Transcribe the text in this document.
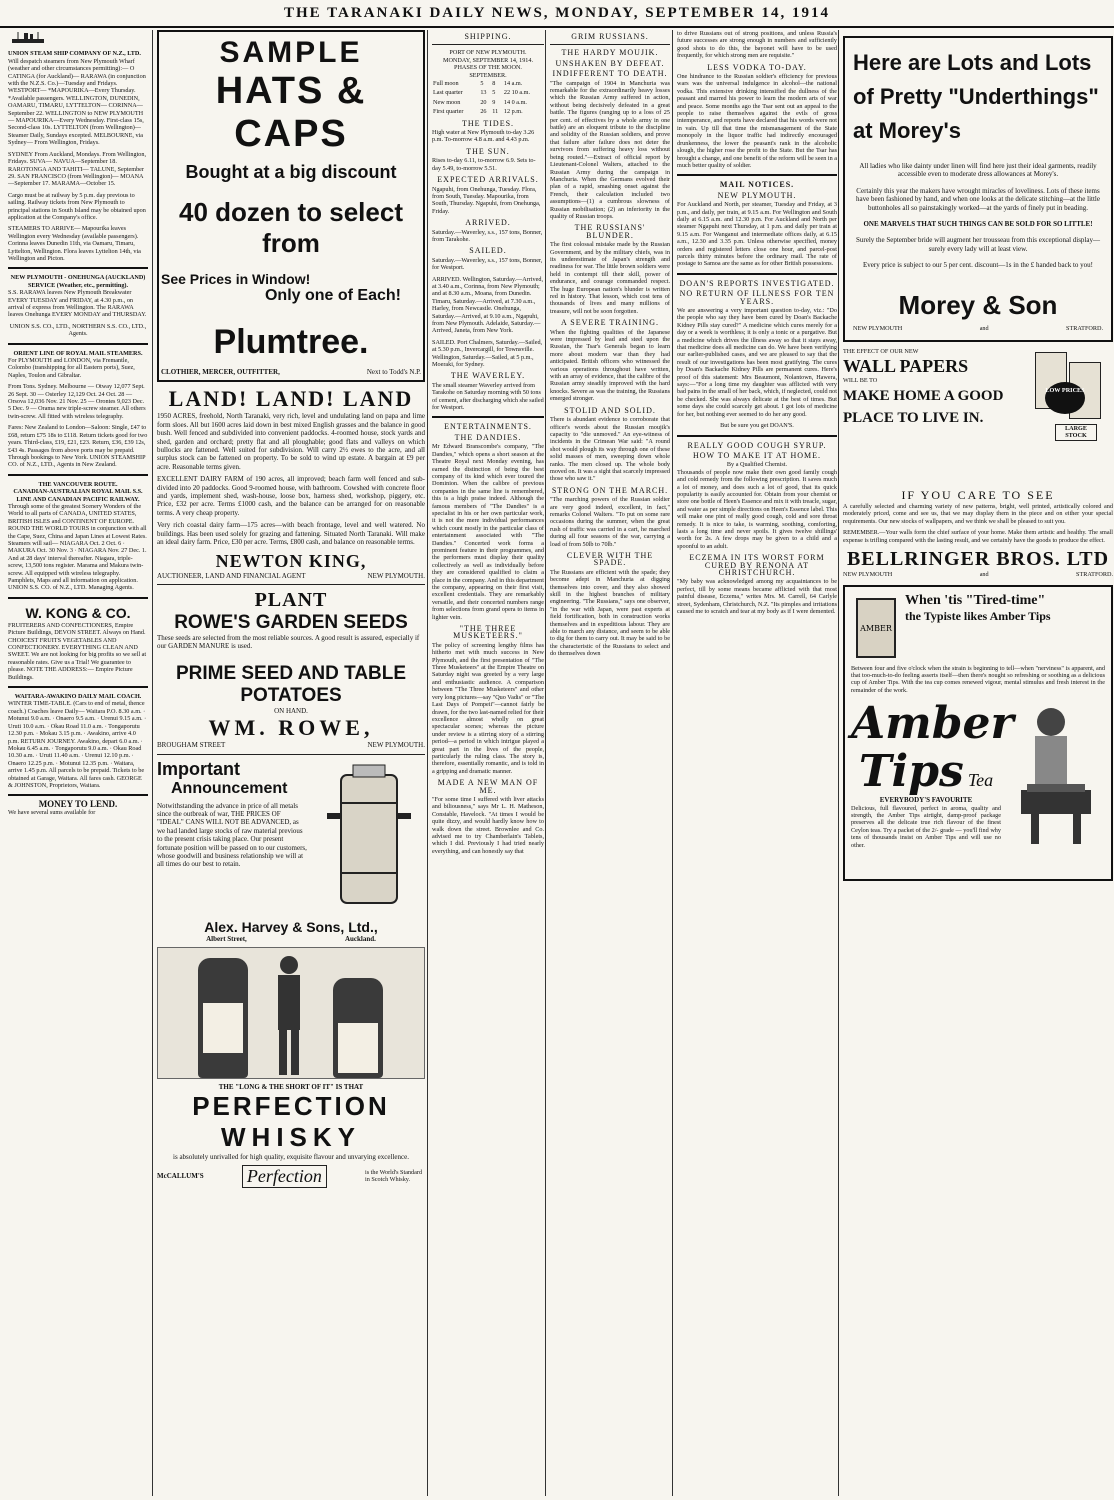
THE TARANAKI DAILY NEWS, MONDAY, SEPTEMBER 14, 1914
UNION STEAM SHIP COMPANY OF N.Z., LTD.
Will despatch steamers from New Plymouth Wharf (weather and other circumstances permitting):— O CATINGA (for Auckland)— RARAWA (in conjunction with the N.Z.S. Co.)—Tuesday and Fridays. WESTPORT— *MAPOURIKA—Every Thursday. *Available passengers. WELLINGTON, DUNEDIN, OAMARU, TIMARU, LYTTELTON— CORINNA—September 22. WELLINGTON to NEW PLYMOUTH— MAPOURIKA—Every Wednesday. First-class 15s, Second-class 10s. LYTTELTON (from Wellington)— Steamer Daily, Sundays excepted. MELBOURNE, via Sydney— From Wellington, Fridays.
SYDNEY From Auckland, Mondays. From Wellington, Fridays. SUVA— NAVUA—September 18. RAROTONGA AND TAHITI— TALUNE, September 29. SAN FRANCISCO (from Wellington)— MOANA—September 17. MARAMA—October 15.
Cargo must be at railway by 5 p.m. day previous to sailing. Railway tickets from New Plymouth to principal stations in South Island may be obtained upon application at the Company's office.
STEAMERS TO ARRIVE— Mapourika leaves Wellington every Wednesday (available passengers). Corinna leaves Dunedin 11th, via Oamaru, Timaru, Lyttelton, Wellington. Flora leaves Lyttelton 14th, via Wellington and Picton.
NEW PLYMOUTH - ONEHUNGA (AUCKLAND) SERVICE (Weather, etc., permitting).
S.S. RARAWA leaves New Plymouth Breakwater EVERY TUESDAY and FRIDAY, at 4.30 p.m., on arrival of express from Wellington. The RARAWA leaves Onehunga EVERY MONDAY and THURSDAY.
UNION S.S. CO., LTD., NORTHERN S.S. CO., LTD., Agents.
ORIENT LINE OF ROYAL MAIL STEAMERS.
For PLYMOUTH and LONDON, via Fremantle, Colombo (transhipping for all Eastern ports), Suez, Naples, Toulon and Gibraltar.
From Tons. Sydney. Melbourne — Otway 12,077 Sept. 26 Sept. 30 — Osterley 12,129 Oct. 24 Oct. 28 — Orsova 12,036 Nov. 21 Nov. 25 — Orontes 9,023 Dec. 5 Dec. 9 — Orama new triple-screw steamer. All others twin-screw. All fitted with wireless telegraphy.
Fares: New Zealand to London—Saloon: Single, £47 to £68, return £75 18s to £118. Return tickets good for two years. Third-class, £19, £21, £23. Return, £36, £39 12s, £43 4s. Passages from above ports may be prepaid. Through bookings to New York. UNION STEAMSHIP CO. of N.Z., LTD., Agents in New Zealand.
THE VANCOUVER ROUTE.
CANADIAN-AUSTRALIAN ROYAL MAIL S.S. LINE AND CANADIAN PACIFIC RAILWAY.
Through some of the greatest Scenery Wonders of the World to all parts of CANADA, UNITED STATES, BRITISH ISLES and CONTINENT OF EUROPE. ROUND THE WORLD TOURS in conjunction with all the Cape, Suez, China and Japan Lines at Lowest Rates. Steamers will sail— NIAGARA Oct. 2 Oct. 6 · MAKURA Oct. 30 Nov. 3 · NIAGARA Nov. 27 Dec. 1. And at 28 days' interval thereafter. Niagara, triple-screw, 13,500 tons register. Marama and Makura twin-screw. All equipped with wireless telegraphy. Pamphlets, Maps and all information on application. UNION S.S. CO. of N.Z., LTD. Managing Agents.
W. KONG & CO.
FRUITERERS AND CONFECTIONERS, Empire Picture Buildings, DEVON STREET. Always on Hand. CHOICEST FRUITS VEGETABLES AND CONFECTIONERY. EVERYTHING CLEAN AND SWEET. We are not looking for big profits so we sell at reasonable rates. Give us a Trial! We guarantee to please. NOTE THE ADDRESS:— Empire Picture Buildings.
WAITARA-AWAKINO DAILY MAIL COACH.
WINTER TIME-TABLE. (Cars to end of metal, thence coach.) Coaches leave Daily— Waitara P.O. 8.30 a.m. · Motunui 9.0 a.m. · Onaero 9.5 a.m. · Urenui 9.15 a.m. · Uruti 10.0 a.m. · Okau Road 11.0 a.m. · Tongaporutu 12.30 p.m. · Mokau 3.15 p.m. · Awakino, arrive 4.0 p.m. RETURN JOURNEY. Awakino, depart 6.0 a.m. · Mokau 6.45 a.m. · Tongaporutu 9.0 a.m. · Okau Road 10.30 a.m. · Uruti 11.40 a.m. · Urenui 12.10 p.m. · Onaero 12.25 p.m. · Motunui 12.35 p.m. · Waitara, arrive 1.45 p.m. All parcels to be prepaid. Tickets to be obtained at Garage, Waitara. All fares cash. GEORGE & JOHNSTON, Proprietors, Waitara.
MONEY TO LEND.
We have several sums available for
SAMPLE
HATS & CAPS
Bought at a big discount
40 dozen to select from
See Prices in Window!
Only one of Each!
Plumtree.
CLOTHIER, MERCER, OUTFITTER,	Next to Todd's N.P.
LAND! LAND! LAND
1950 ACRES, freehold, North Taranaki, very rich, level and undulating land on papa and lime form sloes. All but 1600 acres laid down in best mixed English grasses and the balance in good bush. Well fenced and subdivided into convenient paddocks. 4-roomed house, stock yards and shed, garden and orchard; pretty flat and all ploughable; good flats and valleys on which bullocks are fattened. Well suited for subdivision. Will carry 2½ ewes to the acre, and all surplus stock can be fattened on property. To be sold to wind up estate. A bargain at £9 per acre. Reasonable terms given.
EXCELLENT DAIRY FARM of 190 acres, all improved; beach farm well fenced and sub-divided into 20 paddocks. Good 9-roomed house, with bathroom. Cowshed with concrete floor and yards, implement shed, wash-house, loose box, harness shed, workshop, piggery, etc. Price, £32 per acre. Terms £1000 cash, and the balance can be arranged for on reasonable terms. A very cheap property.
Very rich coastal dairy farm—175 acres—with beach frontage, level and well watered. No buildings. Has been used solely for grazing and fattening. Situated North Taranaki. Will make an ideal dairy farm. Price, £30 per acre. Terms, £800 cash, and balance on reasonable terms.
NEWTON KING,
AUCTIONEER, LAND AND FINANCIAL AGENT	NEW PLYMOUTH.
PLANT
ROWE'S GARDEN SEEDS
These seeds are selected from the most reliable sources. A good result is assured, especially if our GARDEN MANURE is used.
PRIME SEED AND TABLE
POTATOES
ON HAND.
WM. ROWE,
BROUGHAM STREET	NEW PLYMOUTH.
Important
Announcement
Notwithstanding the advance in price of all metals since the outbreak of war, THE PRICES OF "IDEAL" CANS WILL NOT BE ADVANCED, as we had landed large stocks of raw material previous to the present crisis taking place. Our present fortunate position will be passed on to our customers, whose goodwill and business relationship we will at all times do our best to retain.
Alex. Harvey & Sons, Ltd.,
Albert Street,	Auckland.
THE "LONG & THE SHORT OF IT" IS THAT
PERFECTION
WHISKY
is absolutely unrivalled for high quality, exquisite flavour and unvarying excellence.
McCALLUM'S Perfection	is the World's Standard in Scotch Whisky.
SHIPPING.
PORT OF NEW PLYMOUTH.
MONDAY, SEPTEMBER 14, 1914.
PHASES OF THE MOON.
SEPTEMBER.
Full moon	5	8	14 a.m.
Last quarter	13	5	22 10 a.m.
New moon	20	9	14 0 a.m.
First quarter	26	11	12 p.m.
THE TIDES.
High water at New Plymouth to-day 3.26 p.m. To-morrow 4.8 a.m. and 4.43 p.m.
THE SUN.
Rises to-day 6.11, to-morrow 6.9. Sets to-day 5.49, to-morrow 5.51.
EXPECTED ARRIVALS.
Ngapuhi, from Onehunga, Tuesday. Flora, from South, Tuesday. Mapourika, from South, Thursday. Ngapuhi, from Onehunga, Friday.
ARRIVED.
Saturday.—Waverley, s.s., 157 tons, Bonner, from Tarakohe.
SAILED.
Saturday.—Waverley, s.s., 157 tons, Bonner, for Westport.
ARRIVED. Wellington, Saturday.—Arrived, at 3.40 a.m., Corinna, from New Plymouth; and at 8.30 a.m., Moana, from Dunedin. Timaru, Saturday.—Arrived, at 7.30 a.m., Harley, from Newcastle. Onehunga, Saturday.—Arrived, at 9.10 a.m., Ngapuhi, from New Plymouth. Adelaide, Saturday.—Arrived, Janeta, from New York.
SAILED. Port Chalmers, Saturday.—Sailed, at 5.30 p.m., Invercargill, for Townsville. Wellington, Saturday.—Sailed, at 5 p.m., Moeraki, for Sydney.
THE WAVERLEY.
The small steamer Waverley arrived from Tarakohe on Saturday morning with 50 tons of cement, after discharging which she sailed for Westport.
ENTERTAINMENTS.
THE DANDIES.
Mr Edward Branscombe's company, "The Dandies," which opens a short season at the Theatre Royal next Monday evening, has earned the distinction of being the best company of its kind which ever toured the Dominion. When the calibre of previous companies in the same line is remembered, this is a high praise indeed. Although the famous members of "The Dandies" is a specialist in his or her own particular work, it is not the mere individual performances which count mostly in the particular class of entertainment associated with "The Dandies." Concerted work forms a prominent feature in their programmes, and the performers must display their quality collectively as well as individually before they are considered qualified to claim a place in the company. And in this department the company, appearing on their first visit, excellent credentials. They are remarkably versatile, and their concerted numbers range from selections from grand opera to items in lighter vein.
"THE THREE MUSKETEERS."
The policy of screening lengthy films has hitherto met with much success in New Plymouth, and the first presentation of "The Three Musketeers" at the Empire Theatre on Saturday night was greeted by a very large and enthusiastic audience. A comparison between "The Three Musketeers" and other very long pictures—say "Quo Vadis" or "The Last Days of Pompeii"—cannot fairly be drawn, for the two last-named relied for their excellence almost wholly on great spectacular scenes; whereas the picture under review is a stirring story of a stirring period—a period in which intrigue played a great part in the lives of the people, particularly the ruling class. The story is, therefore, essentially romantic, and is told in a gripping and dramatic manner.
MADE A NEW MAN OF ME.
"For some time I suffered with liver attacks and biliousness," says Mr L. H. Matheson, Constable, Havelock. "At times I would be quite dizzy, and would hardly know how to walk down the street. Brownlee and Co. advised me to try Chamberlain's Tablets, which I did. Previously I had tried nearly everything, and can honestly say that
GRIM RUSSIANS.
THE HARDY MOUJIK.
UNSHAKEN BY DEFEAT.
INDIFFERENT TO DEATH.
"The campaign of 1904 in Manchuria was remarkable for the extraordinarily heavy losses which the Russian Army suffered in action, without being decisively defeated in a great battle. The figures (ranging up to a loss of 25 per cent. of effectives by a whole army in one battle) are an eloquent tribute to the discipline and solidity of the Russian soldiers, and prove that failure after failure does not deter the survivors from suffering heavy loss without being routed."—Extract of official report by Lieutenant-Colonel Walters, attached to the Russian Army during the campaign in Manchuria. When the Germans evolved their plan of a rapid, smashing onset against the French, their calculation included two assumptions—(1) a cumbrous slowness of Russian mobilisation; (2) an inferiority in the quality of Russian troops.
THE RUSSIANS' BLUNDER.
The first colossal mistake made by the Russian Government, and by the military chiefs, was in its underestimate of Japan's strength and readiness for war. The little brown soldiers were held in contempt till their skill, power of endurance, and courage commanded respect. The huge European nation's blunder is written red in history. That lesson, which cost tens of thousands of lives and many millions of treasure, will not be soon forgotten.
A SEVERE TRAINING.
When the fighting qualities of the Japanese were impressed by lead and steel upon the Russian, the Tsar's Generals began to learn more about modern war than they had anticipated. British officers who witnessed the various operations throughout have written, with an array of evidence, that the calibre of the Russian army steadily improved with the hard knocks. Severe as was the training, the Russians emerged stronger.
STOLID AND SOLID.
There is abundant evidence to corroborate that officer's words about the Russian moujik's capacity to "die unmoved." An eye-witness of incidents in the Crimean War said: "A round shot would plough its way through one of these solid masses of men, sweeping down whole ranks. The men closed up. The whole body moved on. It was a sight that scarcely impressed those who saw it."
STRONG ON THE MARCH.
"The marching powers of the Russian soldier are very good indeed, excellent, in fact," remarks Colonel Walters. "To put on some rare occasions during the summer, when the great rush of traffic was carried in a cart, he marched during all four seasons of the war, carrying a load of from 50lb to 70lb."
CLEVER WITH THE SPADE.
The Russians are efficient with the spade; they become adept in Manchuria at digging themselves into cover, and they also showed skill in the highest branches of military engineering. "The Russians," says one observer, "in the war with Japan, were past experts at field fortification, both in construction works themselves and in expeditious labour. They are able to march any distance, and seem to be able to dig for them to carry out. It may be said to be the characteristic of the Russians to select and do themselves down
to drive Russians out of strong positions, and unless Russia's future successes are strong enough in numbers and sufficiently good shots to do this, the bayonet will have to be used frequently, for which strong men are requisite."
LESS VODKA TO-DAY.
One hindrance to the Russian soldier's efficiency for previous wars was the universal indulgence in alcohol—the national vodka. This extensive drinking intensified the dullness of the peasant and marred his power to learn the modern arts of war and peace. Some months ago the Tsar sent out an appeal to the people to raise themselves against the evils of gross intemperance, and reports have declared that his words were not in vain. Up till that time the mismanagement of the State monopoly in the liquor traffic had indirectly encouraged drunkenness, the lower the peasant's rank in the alcoholic slough, the higher rose the profit to the State. But the Tsar has brought a change, and one benefit of the reform will be seen in a much better quality of soldier.
MAIL NOTICES.
NEW PLYMOUTH.
For Auckland and North, per steamer, Tuesday and Friday, at 3 p.m., and daily, per train, at 9.15 a.m. For Wellington and South daily at 6.15 a.m. and 12.30 p.m. For Auckland and North per steamer Ngapuhi next Thursday, at 1 p.m. and daily per train at 9.15 a.m. For Wanganui and intermediate offices daily, at 6.15 a.m., 12.30 and 3.35 p.m. Unless otherwise specified, money orders and registered letters close one hour, and parcel-post parcels thirty minutes before the ordinary mail. The rate of postage to Samoa are the same as for other British possessions.
DOAN'S REPORTS INVESTIGATED.
NO RETURN OF ILLNESS FOR TEN YEARS.
We are answering a very important question to-day, viz.: "Do the people who say they have been cured by Doan's Backache Kidney Pills stay cured?" A medicine which cures merely for a day or a week is worthless; it is only a tonic or a purgative. But a medicine which drives the illness away so that it stays away, that medicine does all medicine can do. We have been verifying our earlier-published cases, and we are pleased to say that the result of our investigations has been most gratifying. The cures by Doan's Backache Kidney Pills are permanent cures. Here's proof of this statement: Mrs Beaumont, Nolantown, Hawera, says:—"For a long time my daughter was afflicted with very bad pains in the small of her back, which, if neglected, could not be checked. She was always delicate at the best of times. But some days she could scarcely get about. I got lots of medicine for her, but nothing ever seemed to do her any good.
But be sure you get DOAN'S.
REALLY GOOD COUGH SYRUP.
HOW TO MAKE IT AT HOME.
By a Qualified Chemist.
Thousands of people now make their own good family cough and cold remedy from the following prescription. It saves much a lot of money, and does such a lot of good, that its quick popularity is easily accounted for. Obtain from your chemist or store one bottle of Heen's Essence and mix it with treacle, sugar, and water as per simple directions on Heen's Essence label. This will make one pint of really good cough, cold and sore throat remedy. It is nice to take, is warming, soothing, comforting, lasts a long time and never spoils. It gives twelve shillings' worth for 2s. A few drops may be given to a child and a spoonful to an adult.
ECZEMA IN ITS WORST FORM CURED BY RENONA AT CHRISTCHURCH.
"My baby was acknowledged among my acquaintances to be perfect, till by some means became afflicted with that most painful disease, Eczema," writes Mrs. M. Carrell, 64 Carlyle street, Sydenham, Christchurch, N.Z. "Its pimples and irritations caused me to scratch and tear at my body as if I were demented.
Here are Lots and Lots of Pretty "Underthings" at Morey's
All ladies who like dainty under linen will find here just their ideal garments, readily accessible even to moderate dress allowances at Morey's.
Certainly this year the makers have wrought miracles of loveliness. Lots of these items have been fashioned by hand, and when one looks at the delicate stitching—at the little buttonholes all so painstakingly worked—at the yards of finely put in beading.
ONE MARVELS THAT SUCH THINGS CAN BE SOLD FOR SO LITTLE!
Surely the September bride will augment her trousseau from this exceptional display—surely every lady will at least view.
Every price is subject to our 5 per cent. discount—1s in the £ handed back to you!
Morey & Son
NEW PLYMOUTH	and	STRATFORD.
THE EFFECT OF OUR NEW
WALL PAPERS
WILL BE TO
MAKE HOME A GOOD
PLACE TO LIVE IN.
LOW PRICES
LARGE STOCK
IF YOU CARE TO SEE
A carefully selected and charming variety of new patterns, bright, well printed, artistically colored and moderately priced, come and see us, that we may display them in the piece and on either your special requirements. Our new stocks of wallpapers, and we think we shall be pleased to suit you.
REMEMBER.—Your walls form the chief surface of your home. Make them artistic and healthy. The small expense is trifling compared with the lasting result, and we certainly have the goods to produce the effect.
BELLRINGER BROS. LTD
NEW PLYMOUTH	and	STRATFORD.
AMBER
When 'tis "Tired-time"
the Typiste likes Amber Tips
Between four and five o'clock when the strain is beginning to tell—when "nerviness" is apparent, and that too-much-to-do feeling asserts itself—then there's nought so refreshing or soothing as a delicious cup of Amber Tips. With the tea cup comes renewed vigour, mental stimulus and fresh interest in the remainder of the work.
Amber
Tips Tea
EVERYBODY'S FAVOURITE
Delicious, full flavoured, perfect in aroma, quality and strength, the Amber Tips airtight, damp-proof package preserves all the delicate true rich flavour of the finest Ceylon teas. Try a packet of the 2/- grade — you'll find why tens of thousands insist on Amber Tips and will use no other.
